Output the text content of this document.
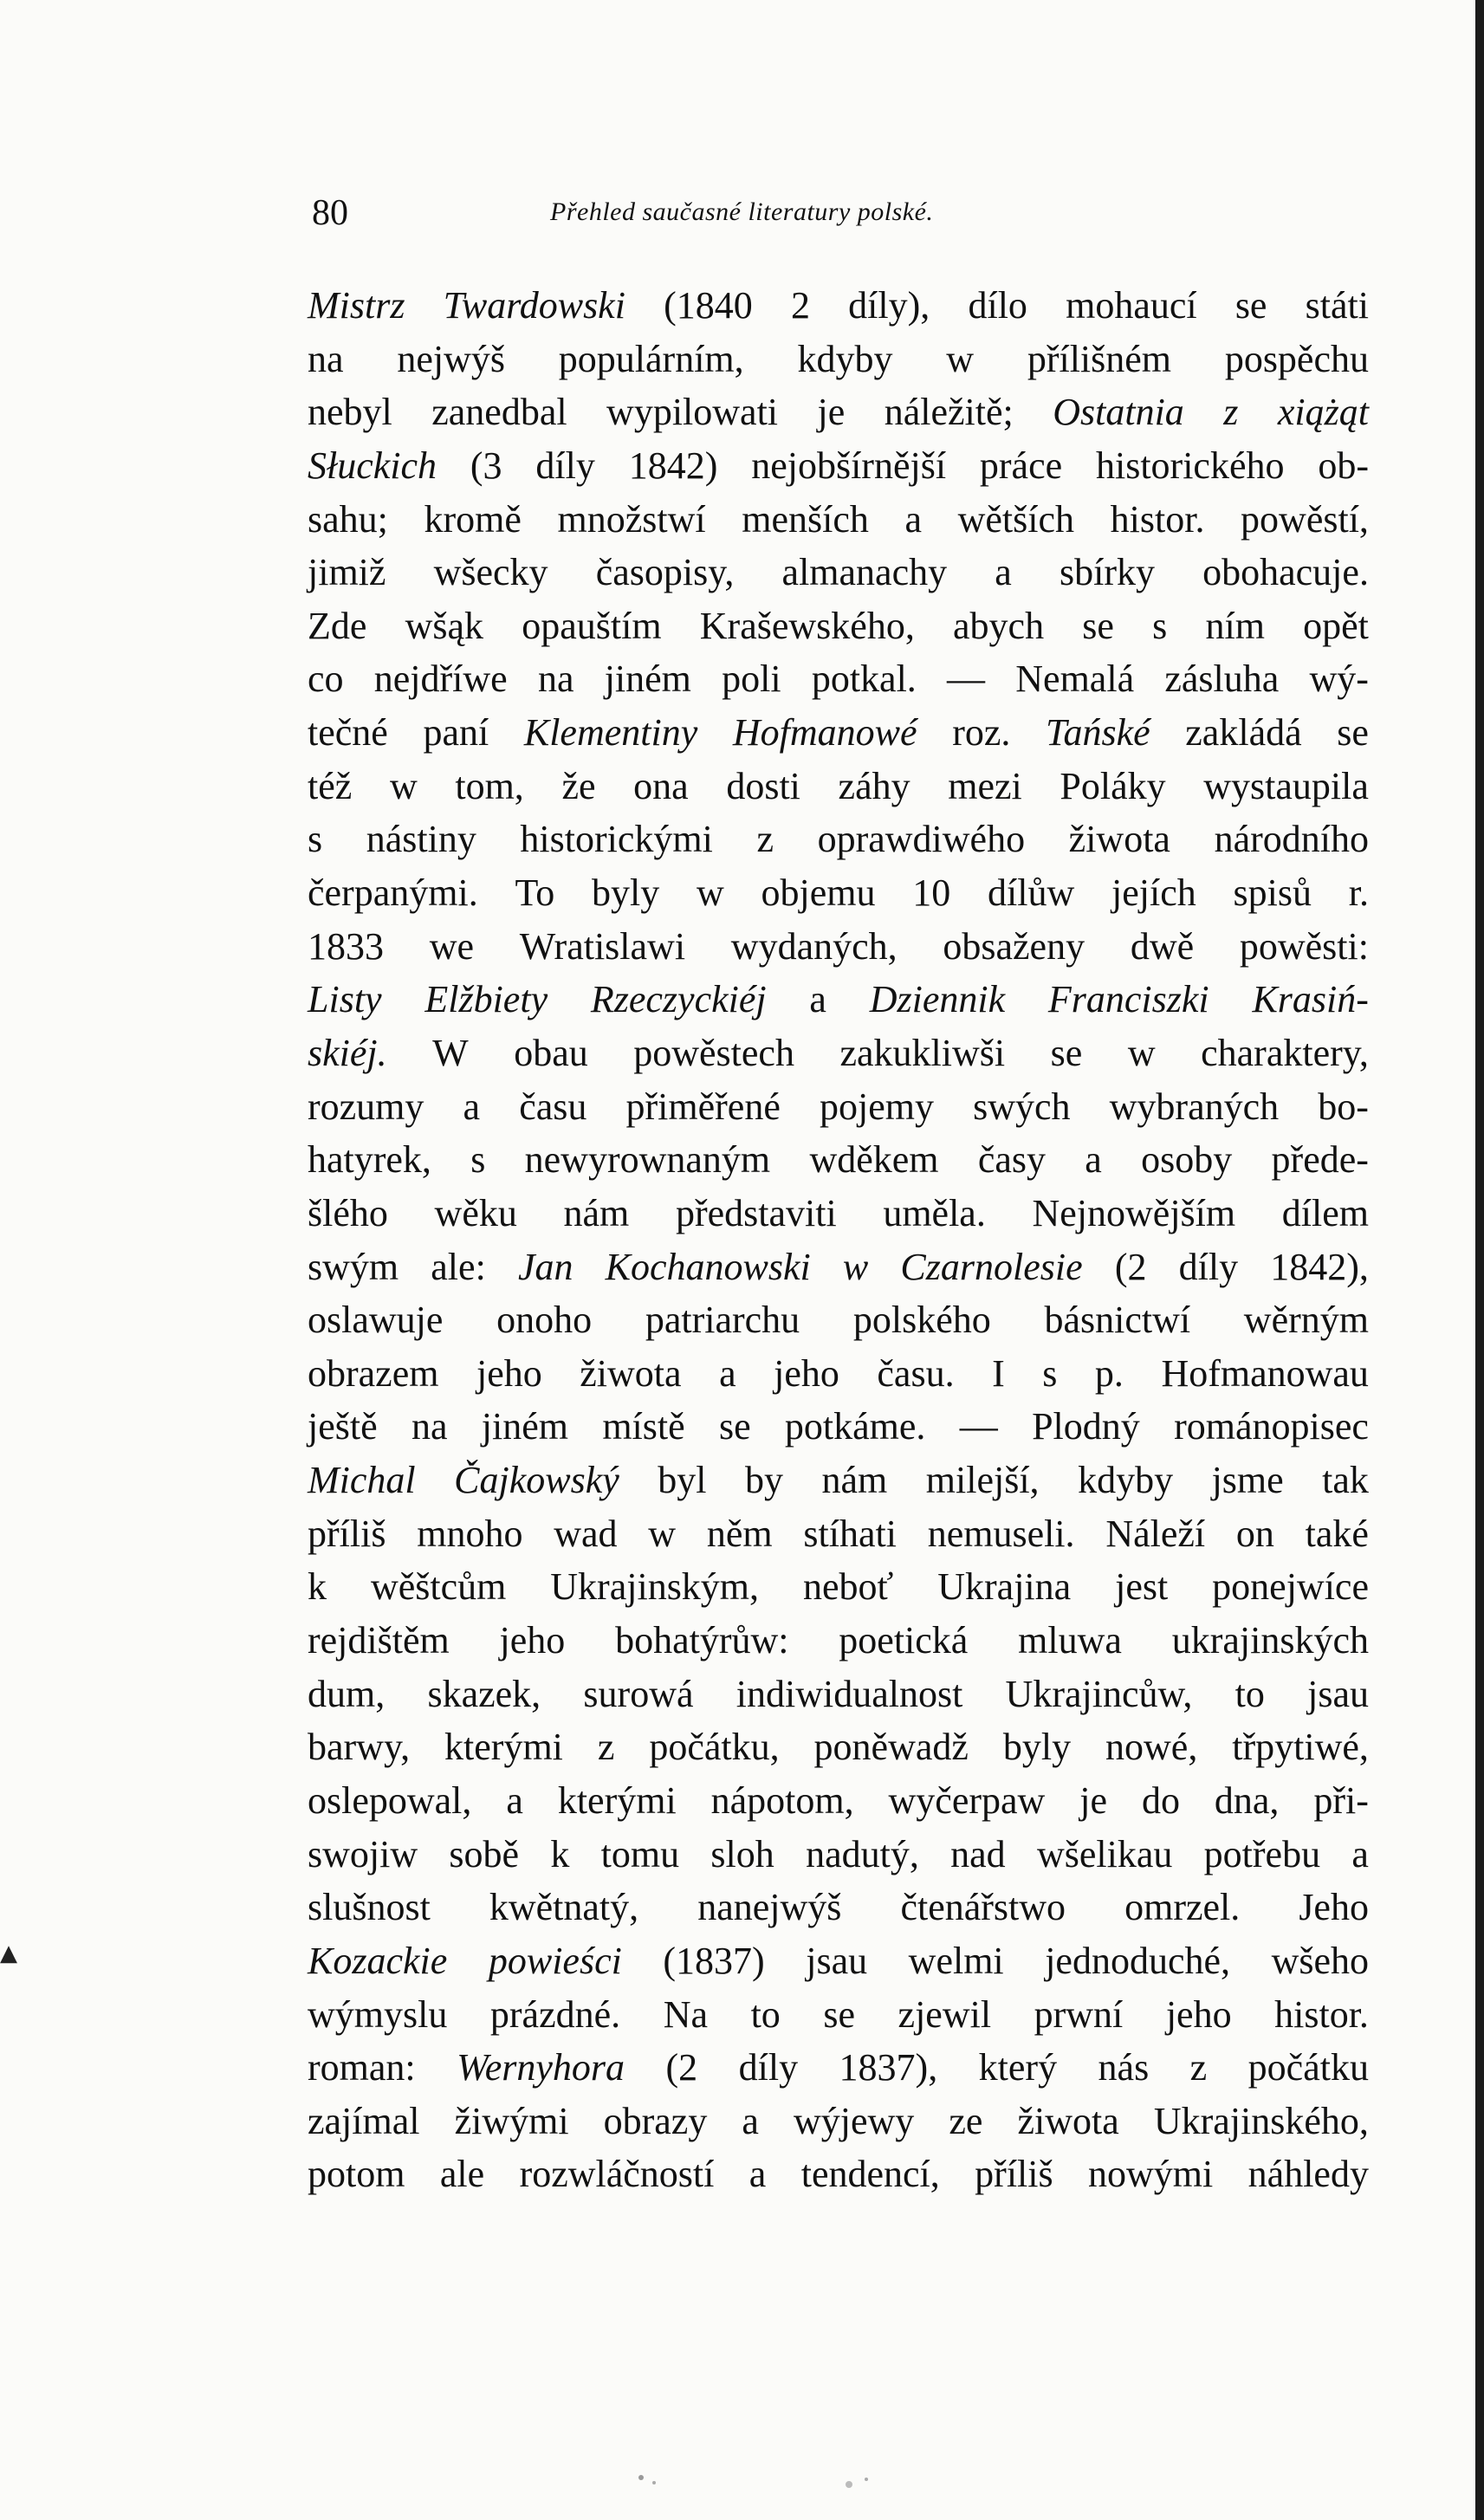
▲
80	Přehled saučasné literatury polské.
Mistrz Twardowski (1840 2 díly), dílo mohaucí se státi
na nejwýš populárním, kdyby w přílišném pospěchu
nebyl zanedbal wypilowati je náležitě; Ostatnia z xiążąt
Słuckich (3 díly 1842) nejobšírnější práce historického ob-
sahu; kromě množstwí menších a wětších histor. powěstí,
jimiž wšecky časopisy, almanachy a sbírky obohacuje.
Zde wšąk opauštím Krašewského, abych se s ním opět
co nejdříwe na jiném poli potkal. — Nemalá zásluha wý-
tečné paní Klementiny Hofmanowé roz. Tańské zakládá se
též w tom, že ona dosti záhy mezi Poláky wystaupila
s nástiny historickými z oprawdiwého žiwota národního
čerpanými. To byly w objemu 10 dílůw jejích spisů r.
1833 we Wratislawi wydaných, obsaženy dwě powěsti:
Listy Elžbiety Rzeczyckiéj a Dziennik Franciszki Krasiń-
skiéj. W obau powěstech zakukliwši se w charaktery,
rozumy a času přiměřené pojemy swých wybraných bo-
hatyrek, s newyrownaným wděkem časy a osoby přede-
šlého wěku nám představiti uměla. Nejnowějším dílem
swým ale: Jan Kochanowski w Czarnolesie (2 díly 1842),
oslawuje onoho patriarchu polského básnictwí wěrným
obrazem jeho žiwota a jeho času. I s p. Hofmanowau
ještě na jiném místě se potkáme. — Plodný románopisec
Michal Čajkowský byl by nám milejší, kdyby jsme tak
příliš mnoho wad w něm stíhati nemuseli. Náleží on také
k wěštcům Ukrajinským, neboť Ukrajina jest ponejwíce
rejdištěm jeho bohatýrůw: poetická mluwa ukrajinských
dum, skazek, surowá indiwidualnost Ukrajincůw, to jsau
barwy, kterými z počátku, poněwadž byly nowé, třpytiwé,
oslepowal, a kterými nápotom, wyčerpaw je do dna, při-
swojiw sobě k tomu sloh nadutý, nad wšelikau potřebu a
slušnost kwětnatý, nanejwýš čtenářstwo omrzel. Jeho
Kozackie powieści (1837) jsau welmi jednoduché, wšeho
wýmyslu prázdné. Na to se zjewil prwní jeho histor.
roman: Wernyhora (2 díly 1837), který nás z počátku
zajímal žiwými obrazy a wýjewy ze žiwota Ukrajinského,
potom ale rozwláčností a tendencí, příliš nowými náhledy
